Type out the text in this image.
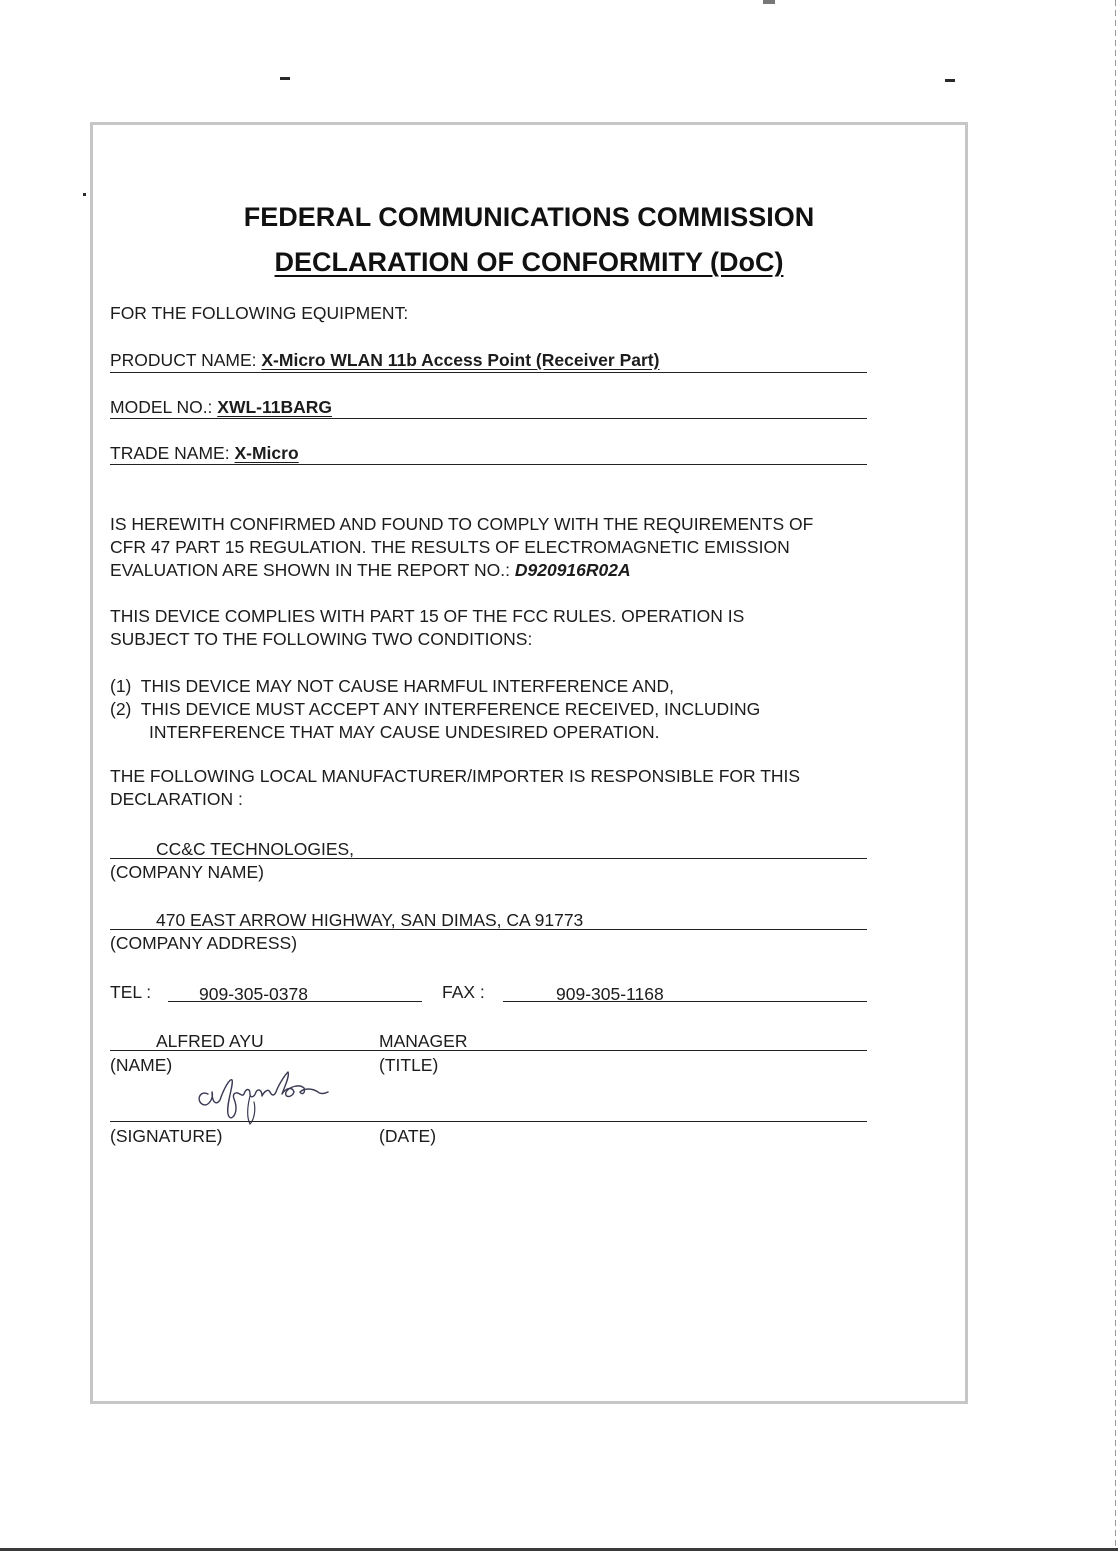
FEDERAL COMMUNICATIONS COMMISSION
DECLARATION OF CONFORMITY (DoC)
FOR THE FOLLOWING EQUIPMENT:
PRODUCT NAME: X-Micro WLAN 11b Access Point (Receiver Part)
MODEL NO.: XWL-11BARG
TRADE NAME: X-Micro
IS HEREWITH CONFIRMED AND FOUND TO COMPLY WITH THE REQUIREMENTS OF
CFR 47 PART 15 REGULATION. THE RESULTS OF ELECTROMAGNETIC EMISSION
EVALUATION ARE SHOWN IN THE REPORT NO.: D920916R02A
THIS DEVICE COMPLIES WITH PART 15 OF THE FCC RULES. OPERATION IS
SUBJECT TO THE FOLLOWING TWO CONDITIONS:
(1)  THIS DEVICE MAY NOT CAUSE HARMFUL INTERFERENCE AND,
(2)  THIS DEVICE MUST ACCEPT ANY INTERFERENCE RECEIVED, INCLUDING
INTERFERENCE THAT MAY CAUSE UNDESIRED OPERATION.
THE FOLLOWING LOCAL MANUFACTURER/IMPORTER IS RESPONSIBLE FOR THIS
DECLARATION :
CC&C TECHNOLOGIES,
(COMPANY NAME)
470 EAST ARROW HIGHWAY, SAN DIMAS, CA 91773
(COMPANY ADDRESS)
TEL :	909-305-0378	FAX :	909-305-1168
ALFRED AYU	MANAGER
(NAME)	(TITLE)
(SIGNATURE)	(DATE)
